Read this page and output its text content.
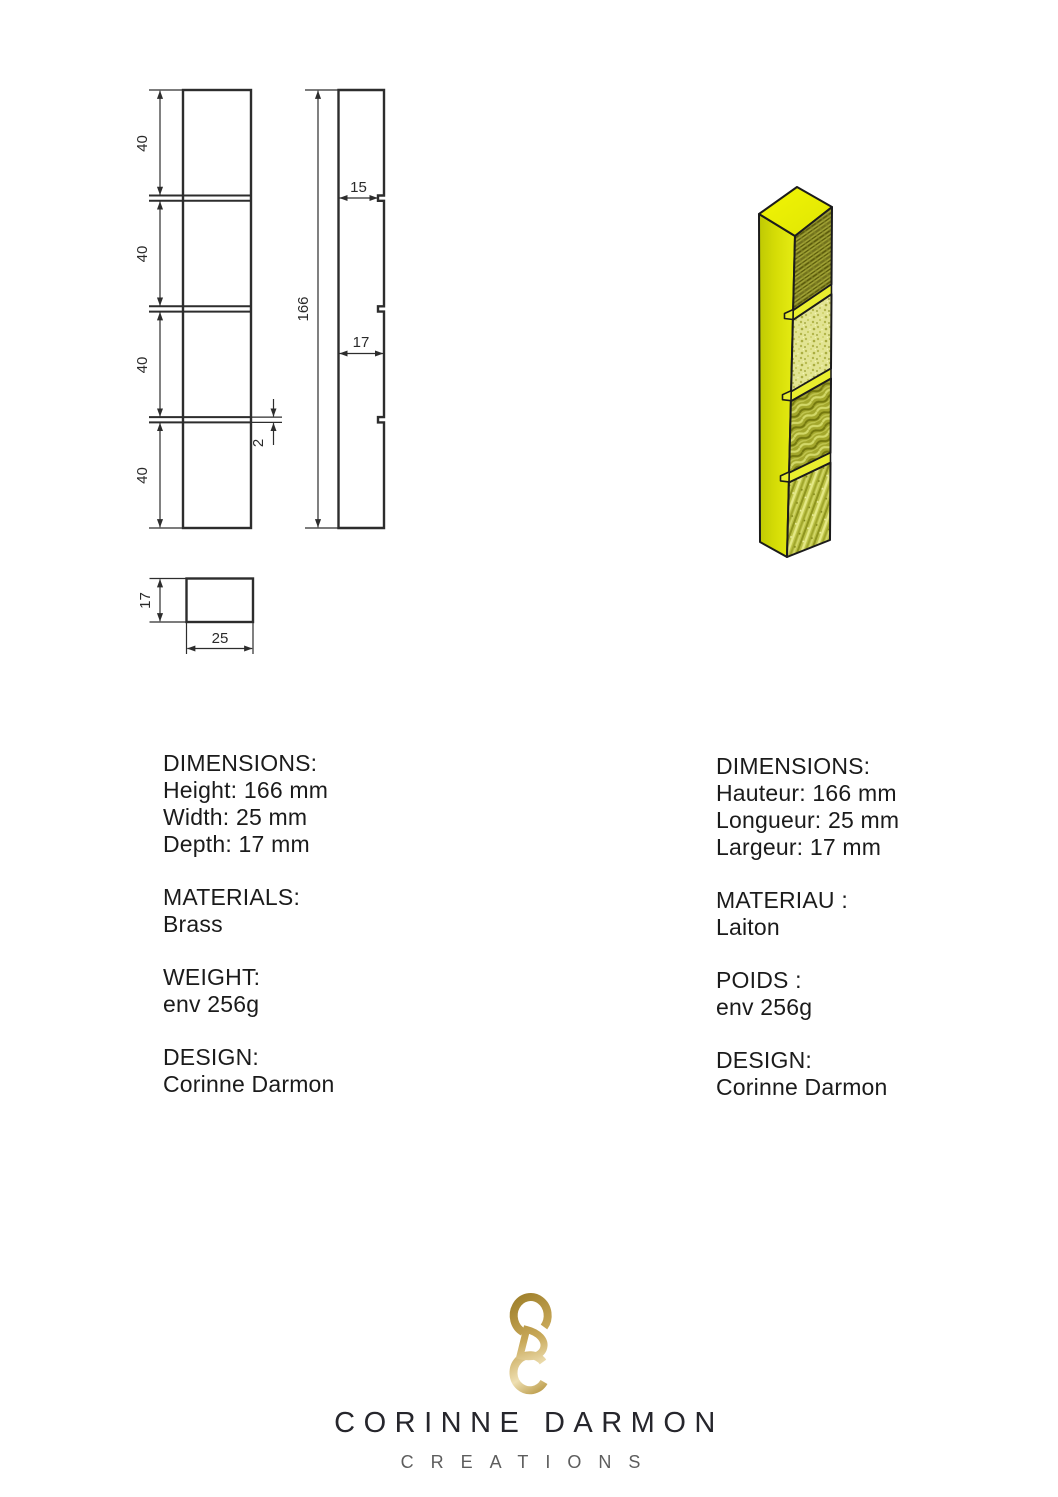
40
40
40
40
2
166
15
17
17
25
DIMENSIONS:
Height: 166 mm
Width: 25 mm
Depth: 17 mm
MATERIALS:
Brass
WEIGHT:
env 256g
DESIGN:
Corinne Darmon
DIMENSIONS:
Hauteur: 166 mm
Longueur: 25 mm
Largeur: 17 mm
MATERIAU :
Laiton
POIDS :
env 256g
DESIGN:
Corinne Darmon
CORINNE DARMON
CREATIONS
